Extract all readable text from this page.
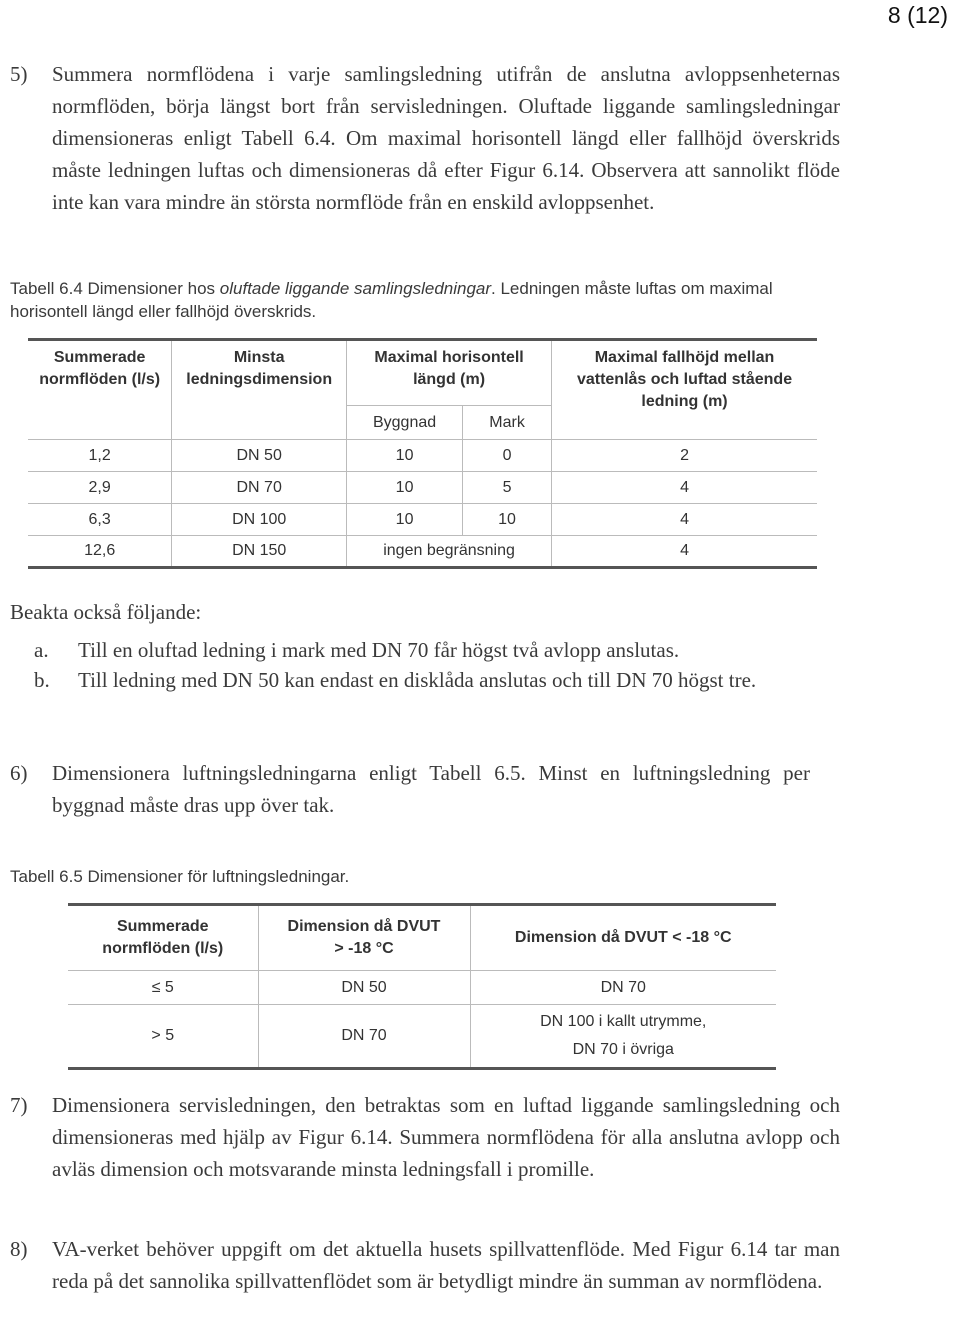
8 (12)
5) Summera normflödena i varje samlingsledning utifrån de anslutna avloppsenheternas normflöden, börja längst bort från servisledningen. Oluftade liggande samlingsledningar dimensioneras enligt Tabell 6.4. Om maximal horisontell längd eller fallhöjd överskrids måste ledningen luftas och dimensioneras då efter Figur 6.14. Observera att sannolikt flöde inte kan vara mindre än största normflöde från en enskild avloppsenhet.
Tabell 6.4 Dimensioner hos oluftade liggande samlingsledningar. Ledningen måste luftas om maximal horisontell längd eller fallhöjd överskrids.
Summerade normflöden (l/s)	Minsta ledningsdimension	Maximal horisontell längd (m)		Maximal fallhöjd mellan vattenlås och luftad stående ledning (m)
		Byggnad	Mark	
1,2	DN 50	10	0	2
2,9	DN 70	10	5	4
6,3	DN 100	10	10	4
12,6	DN 150	ingen begränsning		4
Beakta också följande:
a. Till en oluftad ledning i mark med DN 70 får högst två avlopp anslutas.
b. Till ledning med DN 50 kan endast en disklåda anslutas och till DN 70 högst tre.
6) Dimensionera luftningsledningarna enligt Tabell 6.5. Minst en luftningsledning per byggnad måste dras upp över tak.
Tabell 6.5 Dimensioner för luftningsledningar.
Summerade normflöden (l/s)	Dimension då DVUT > -18 °C	Dimension då DVUT < -18 °C
≤ 5	DN 50	DN 70
> 5	DN 70	DN 100 i kallt utrymme,
DN 70 i övriga
7) Dimensionera servisledningen, den betraktas som en luftad liggande samlingsledning och dimensioneras med hjälp av Figur 6.14. Summera normflödena för alla anslutna avlopp och avläs dimension och motsvarande minsta ledningsfall i promille.
8) VA-verket behöver uppgift om det aktuella husets spillvattenflöde. Med Figur 6.14 tar man reda på det sannolika spillvattenflödet som är betydligt mindre än summan av normflödena.
